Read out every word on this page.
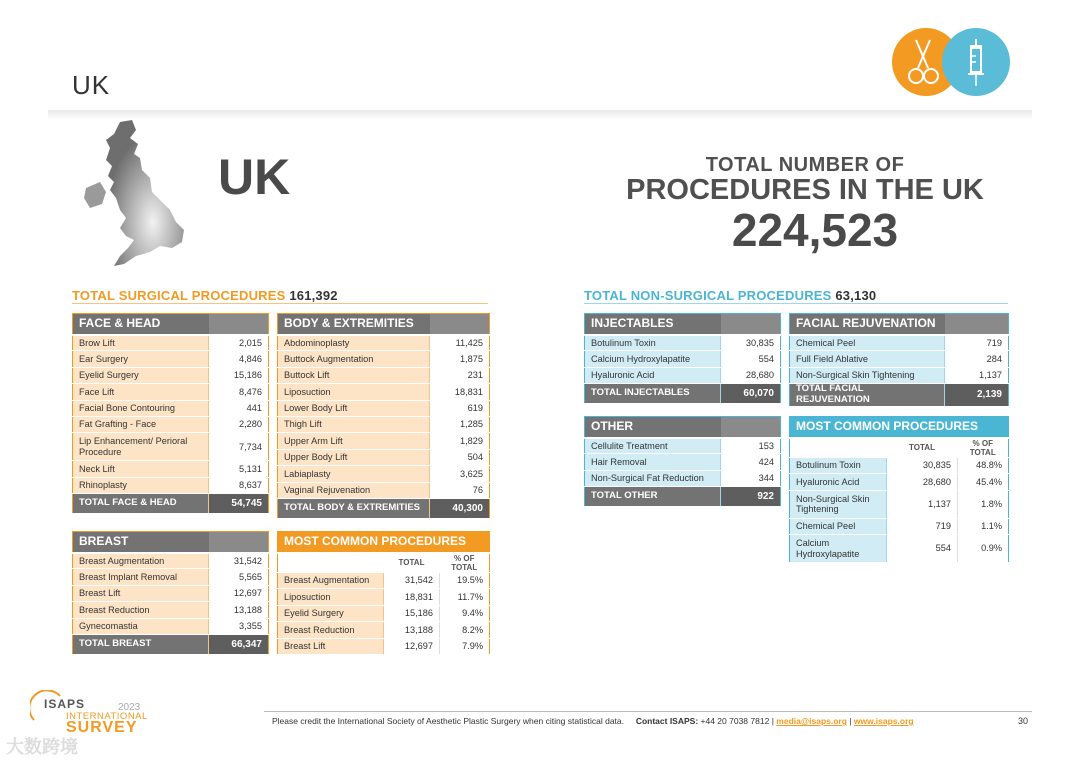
UK
UK	TOTAL NUMBER OF
PROCEDURES IN THE UK
224,523
TOTAL SURGICAL PROCEDURES 161,392	TOTAL NON-SURGICAL PROCEDURES 63,130
FACE & HEAD	
Brow Lift	2,015
Ear Surgery	4,846
Eyelid Surgery	15,186
Face Lift	8,476
Facial Bone Contouring	441
Fat Grafting - Face	2,280
Lip Enhancement/ Perioral Procedure	7,734
Neck Lift	5,131
Rhinoplasty	8,637
TOTAL FACE & HEAD	54,745
BODY & EXTREMITIES	
Abdominoplasty	11,425
Buttock Augmentation	1,875
Buttock Lift	231
Liposuction	18,831
Lower Body Lift	619
Thigh Lift	1,285
Upper Arm Lift	1,829
Upper Body Lift	504
Labiaplasty	3,625
Vaginal Rejuvenation	76
TOTAL BODY & EXTREMITIES	40,300
BREAST	
Breast Augmentation	31,542
Breast Implant Removal	5,565
Breast Lift	12,697
Breast Reduction	13,188
Gynecomastia	3,355
TOTAL BREAST	66,347
MOST COMMON PROCEDURES		
	TOTAL	% OF TOTAL
Breast Augmentation	31,542	19.5%
Liposuction	18,831	11.7%
Eyelid Surgery	15,186	9.4%
Breast Reduction	13,188	8.2%
Breast Lift	12,697	7.9%
INJECTABLES	
Botulinum Toxin	30,835
Calcium Hydroxylapatite	554
Hyaluronic Acid	28,680
TOTAL INJECTABLES	60,070
FACIAL REJUVENATION	
Chemical Peel	719
Full Field Ablative	284
Non-Surgical Skin Tightening	1,137
TOTAL FACIAL REJUVENATION	2,139
OTHER	
Cellulite Treatment	153
Hair Removal	424
Non-Surgical Fat Reduction	344
TOTAL OTHER	922
MOST COMMON PROCEDURES		
	TOTAL	% OF TOTAL
Botulinum Toxin	30,835	48.8%
Hyaluronic Acid	28,680	45.4%
Non-Surgical Skin Tightening	1,137	1.8%
Chemical Peel	719	1.1%
Calcium Hydroxylapatite	554	0.9%
ISAPS	2023
INTERNATIONAL
SURVEY	Please credit the International Society of Aesthetic Plastic Surgery when citing statistical data. Contact ISAPS: +44 20 7038 7812 | media@isaps.org | www.isaps.org	30
大数跨境
